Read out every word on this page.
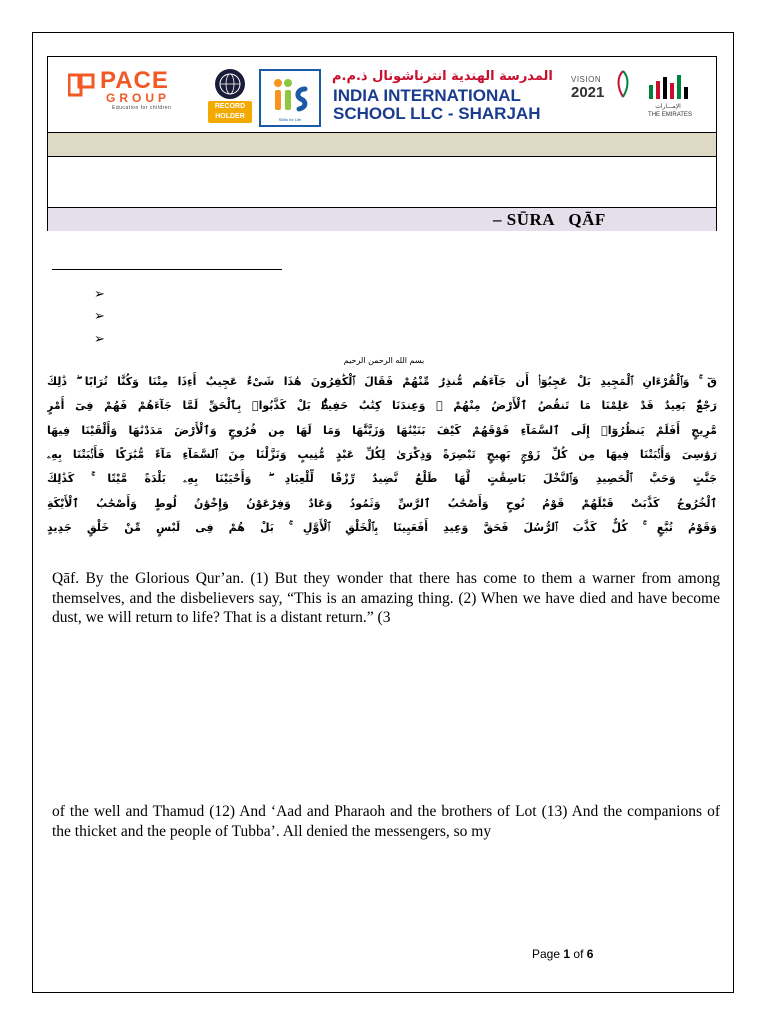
PACE
GROUP
Education for children	RECORD
HOLDER	Skills for Life
المدرسة الهندية انترناشونال ذ.م.م
INDIA INTERNATIONAL
SCHOOL LLC - SHARJAH
VISION
2021
الإمـــارات
THE EMIRATES
– SŪRA   QĀF
➢
➢
➢
بسم الله الرحمن الرحيم
قٓ ۚ وَٱلْقُرْءَانِ ٱلْمَجِيدِ بَلْ عَجِبُوٓا۟ أَن جَآءَهُم مُّنذِرٌ مِّنْهُمْ فَقَالَ ٱلْكَٰفِرُونَ هَٰذَا شَىْءٌ عَجِيبٌ أَءِذَا مِتْنَا وَكُنَّا تُرَابًا ۖ ذَٰلِكَ
رَجْعٌۢ بَعِيدٌ قَدْ عَلِمْنَا مَا تَنقُصُ ٱلْأَرْضُ مِنْهُمْ ۖ وَعِندَنَا كِتَٰبٌ حَفِيظٌۢ بَلْ كَذَّبُوا۟ بِٱلْحَقِّ لَمَّا جَآءَهُمْ فَهُمْ فِىٓ أَمْرٍ
مَّرِيجٍ أَفَلَمْ يَنظُرُوٓا۟ إِلَى ٱلسَّمَآءِ فَوْقَهُمْ كَيْفَ بَنَيْنَٰهَا وَزَيَّنَّٰهَا وَمَا لَهَا مِن فُرُوجٍ وَٱلْأَرْضَ مَدَدْنَٰهَا وَأَلْقَيْنَا فِيهَا
رَوَٰسِىَ وَأَنۢبَتْنَا فِيهَا مِن كُلِّ زَوْجٍۭ بَهِيجٍ تَبْصِرَةً وَذِكْرَىٰ لِكُلِّ عَبْدٍ مُّنِيبٍ وَنَزَّلْنَا مِنَ ٱلسَّمَآءِ مَآءً مُّبَٰرَكًا فَأَنۢبَتْنَا بِهِۦ
جَنَّٰتٍ وَحَبَّ ٱلْحَصِيدِ وَٱلنَّخْلَ بَاسِقَٰتٍ لَّهَا طَلْعٌ نَّضِيدٌ رِّزْقًا لِّلْعِبَادِ ۖ وَأَحْيَيْنَا بِهِۦ بَلْدَةً مَّيْتًا ۚ كَذَٰلِكَ
ٱلْخُرُوجُ كَذَّبَتْ قَبْلَهُمْ قَوْمُ نُوحٍ وَأَصْحَٰبُ ٱلرَّسِّ وَثَمُودُ وَعَادٌ وَفِرْعَوْنُ وَإِخْوَٰنُ لُوطٍ وَأَصْحَٰبُ ٱلْأَيْكَةِ
وَقَوْمُ تُبَّعٍ ۚ كُلٌّ كَذَّبَ ٱلرُّسُلَ فَحَقَّ وَعِيدِ أَفَعَيِينَا بِٱلْخَلْقِ ٱلْأَوَّلِ ۚ بَلْ هُمْ فِى لَبْسٍ مِّنْ خَلْقٍ جَدِيدٍ
Qāf. By the Glorious Qur’an. (1) But they wonder that there has come to them a warner from among themselves, and the disbelievers say, “This is an amazing thing. (2) When we have died and have become dust, we will return to life? That is a distant return.” (3
of the well and Thamud (12) And ‘Aad and Pharaoh and the brothers of Lot (13) And the companions of the thicket and the people of Tubba’. All denied the messengers, so my
Page 1 of 6
